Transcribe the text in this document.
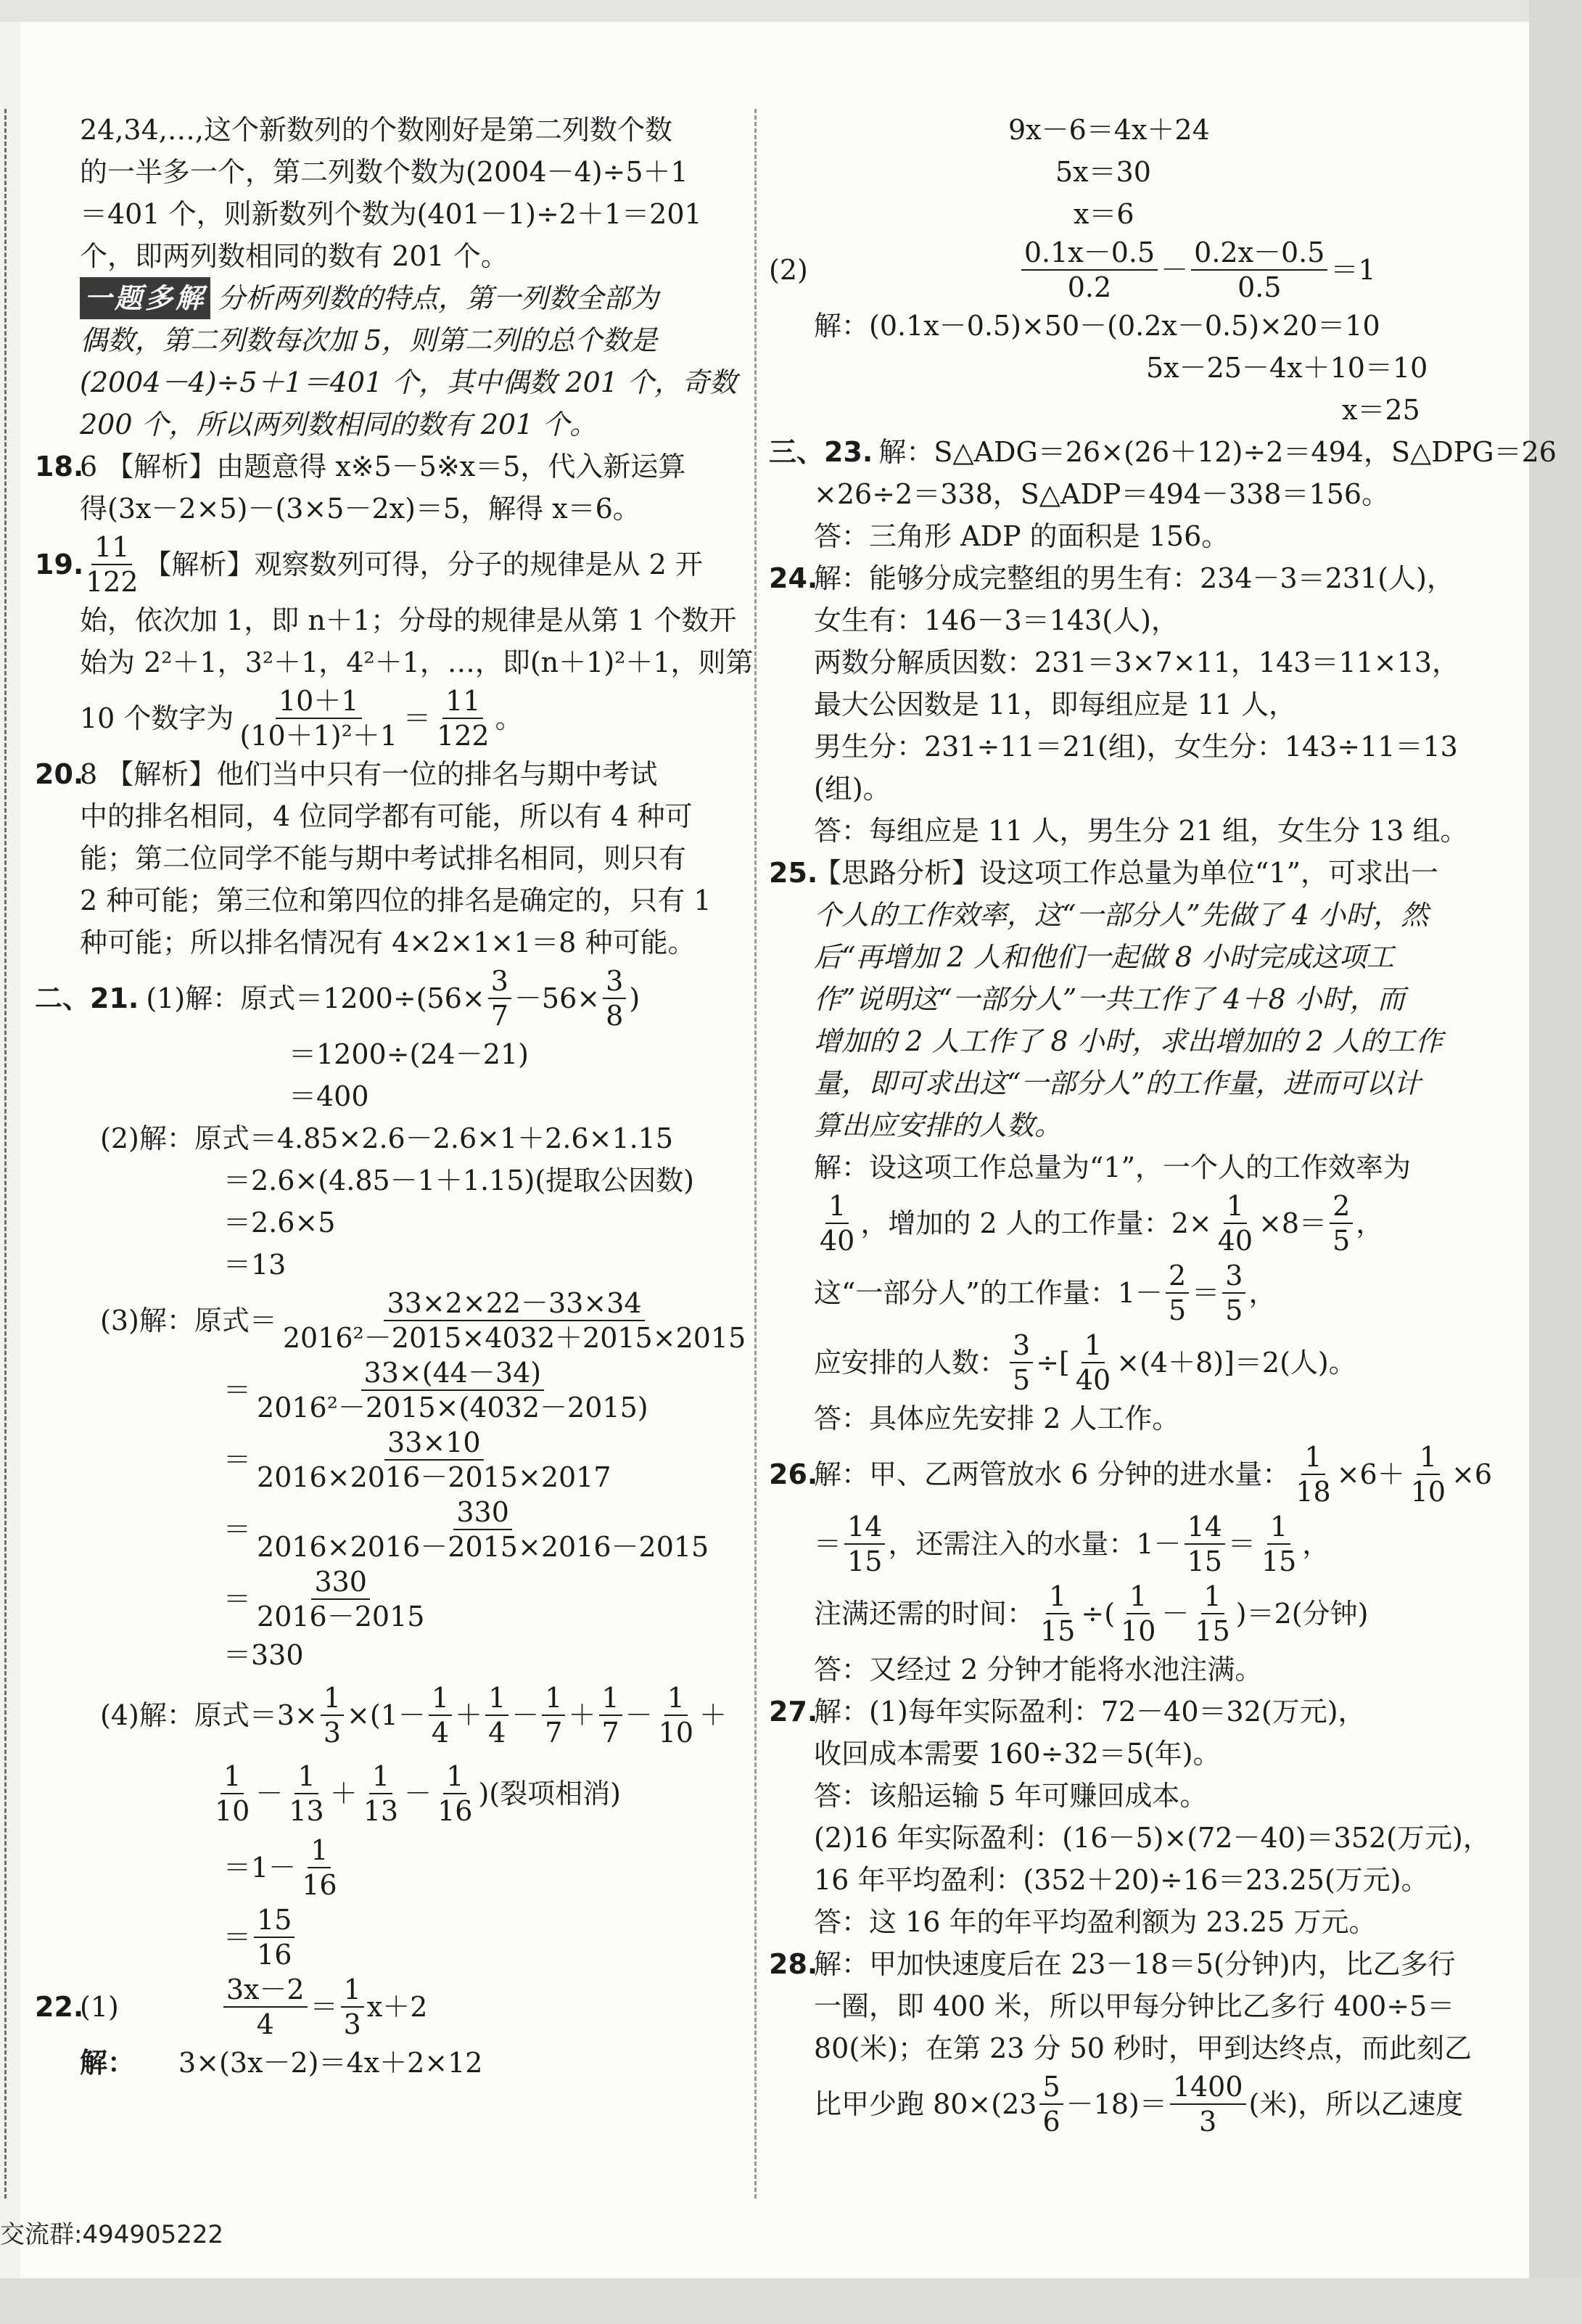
24,34,…,这个新数列的个数刚好是第二列数个数
的一半多一个，第二列数个数为(2004－4)÷5＋1
＝401 个，则新数列个数为(401－1)÷2＋1＝201
个，即两列数相同的数有 201 个。
一题多解 分析两列数的特点，第一列数全部为
偶数，第二列数每次加 5，则第二列的总个数是
(2004－4)÷5＋1＝401 个，其中偶数 201 个，奇数
200 个，所以两列数相同的数有 201 个。
18.6 【解析】由题意得 x※5－5※x＝5，代入新运算
得(3x－2×5)－(3×5－2x)＝5，解得 x＝6。
19.
$\frac{11}{122}$ 【解析】观察数列可得，分子的规律是从 2 开
始，依次加 1，即 n＋1；分母的规律是从第 1 个数开
始为 2²＋1，3²＋1，4²＋1，…，即(n＋1)²＋1，则第
10 个数字为 $\frac{10+1}{\text{(10＋1)²＋1}} = \frac{11}{122}$ 。
20.8 【解析】他们当中只有一位的排名与期中考试
中的排名相同，4 位同学都有可能，所以有 4 种可
能；第二位同学不能与期中考试排名相同，则只有
2 种可能；第三位和第四位的排名是确定的，只有 1
种可能；所以排名情况有 4×2×1×1＝8 种可能。
二、21. (1)解：原式$=1200\div(56\times \frac{3}{7} -56\times \frac{3}{8}$ )
＝1200÷(24－21)
＝400
(2)解：原式＝4.85×2.6－2.6×1＋2.6×1.15
＝2.6×(4.85－1＋1.15)(提取公因数)
＝2.6×5
＝13
(3)解：原式＝ $\frac{33\times 2\times 22-33\times 34}{\text{2016²－2015×4032＋2015×2015}}$
＝ $\frac{33\times(44-34)}{\text{2016²－2015×(4032－2015)}}$
＝ $\frac{33\times 10}{2016\times 2016-2015\times 2017}$
＝ $\frac{330}{2016\times 2016-2015\times 2016-2015}$
＝ $\frac{330}{2016-2015}$
＝330
(4)解：原式$=3\times \frac{1}{3} \times(1- \frac{1}{4} + \frac{1}{4} - \frac{1}{7} + \frac{1}{7} - \frac{1}{10}$ ＋
$\frac{1}{10} - \frac{1}{13} + \frac{1}{13} - \frac{1}{16}$ )(裂项相消)
$=1- \frac{1}{16}$
＝ $\frac{15}{16}$
22.
(1)	$\frac{3x-2}{4} = \frac{1}{3} x+2$
解： 3×(3x－2)＝4x＋2×12
9x－6＝4x＋24
5x＝30
x＝6
(2)	$\frac{0.1x-0.5}{0.2} - \frac{0.2x-0.5}{0.5} =1$
解：(0.1x－0.5)×50－(0.2x－0.5)×20＝10
5x－25－4x＋10＝10
x＝25
三、23. 解：S△ADG＝26×(26＋12)÷2＝494，S△DPG＝26
×26÷2＝338，S△ADP＝494－338＝156。
答：三角形 ADP 的面积是 156。
24.解：能够分成完整组的男生有：234－3＝231(人)，
女生有：146－3＝143(人)，
两数分解质因数：231＝3×7×11，143＝11×13，
最大公因数是 11，即每组应是 11 人，
男生分：231÷11＝21(组)，女生分：143÷11＝13
(组)。
答：每组应是 11 人，男生分 21 组，女生分 13 组。
25.【思路分析】设这项工作总量为单位“1”，可求出一
个人的工作效率，这“一部分人”先做了 4 小时，然
后“再增加 2 人和他们一起做 8 小时完成这项工
作”说明这“一部分人”一共工作了 4＋8 小时，而
增加的 2 人工作了 8 小时，求出增加的 2 人的工作
量，即可求出这“一部分人”的工作量，进而可以计
算出应安排的人数。
解：设这项工作总量为“1”，一个人的工作效率为
$\frac{1}{40}$ ，增加的 2 人的工作量：$2\times \frac{1}{40} \times 8= \frac{2}{5}$ ，
这“一部分人”的工作量：$1- \frac{2}{5} = \frac{3}{5}$ ，
应安排的人数： $\frac{3}{5}$ ÷[ $\frac{1}{40} \times(4+8)]=2$(人)。
答：具体应先安排 2 人工作。
26.
解：甲、乙两管放水 6 分钟的进水量： $\frac{1}{18} \times 6+ \frac{1}{10} \times 6$
＝ $\frac{14}{15}$ ，还需注入的水量：$1- \frac{14}{15} = \frac{1}{15}$ ，
注满还需的时间： $\frac{1}{15}$ ÷( $\frac{1}{10} - \frac{1}{15} )=2$(分钟)
答：又经过 2 分钟才能将水池注满。
27.解：(1)每年实际盈利：72－40＝32(万元)，
收回成本需要 160÷32＝5(年)。
答：该船运输 5 年可赚回成本。
(2)16 年实际盈利：(16－5)×(72－40)＝352(万元)，
16 年平均盈利：(352＋20)÷16＝23.25(万元)。
答：这 16 年的年平均盈利额为 23.25 万元。
28.解：甲加快速度后在 23－18＝5(分钟)内，比乙多行
一圈，即 400 米，所以甲每分钟比乙多行 400÷5＝
80(米)；在第 23 分 50 秒时，甲到达终点，而此刻乙
比甲少跑 $80\times(23 \frac{5}{6} -18)= \frac{1400}{3}$ (米)，所以乙速度
交流群:494905222
